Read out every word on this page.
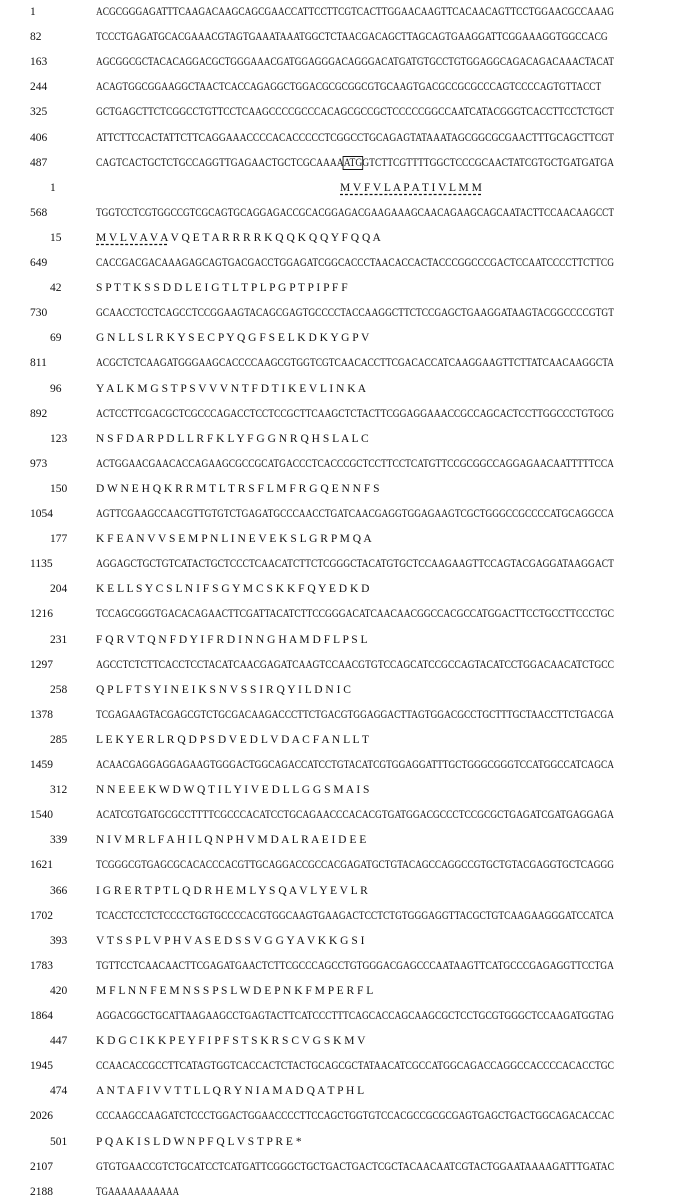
1	ACGCGGGAGATTTCAAGACAAGCAGCGAACCATTCCTTCGTCACTTGGAACAAGTTCACAACAGTTCCTGGAACGCCAAAG
82	TCCCTGAGATGCACGAAACGTAGTGAAATAAATGGCTCTAACGACAGCTTAGCAGTGAAGGATTCGGAAAGGTGGCCACG
163	AGCGGCGCTACACAGGACGCTGGGAAACGATGGAGGGACAGGGACATGATGTGCCTGTGGAGGCAGACAGACAAACTACAT
244	ACAGTGGCGGAAGGCTAACTCACCAGAGGCTGGACGCGCGGCGTGCAAGTGACGCCGCGCCCAGTCCCCAGTGTTACCT
325	GCTGAGCTTCTCGGCCTGTTCCTCAAGCCCCGCCCACAGCGCCGCTCCCCCGGCCAATCATACGGGTCACCTTCCTCTGCT
406	ATTCTTCCACTATTCTTCAGGAAACCCCACACCCCCTCGGCCTGCAGAGTATAAATAGCGGCGCGAACTTTGCAGCTTCGT
487	CAGTCACTGCTCTGCCAGGTTGAGAACTGCTCGCAAAAATGGTCTTCGTTTTGGCTCCCGCAACTATCGTGCTGATGATGA
1	M V F V L A P A T I V L M M
568	TGGTCCTCGTGGCCGTCGCAGTGCAGGAGACCGCACGGAGACGAAGAAAGCAACAGAAGCAGCAATACTTCCAACAAGCCT
15	M V L V A V A V Q E T A R R R R K Q Q K Q Q Y F Q Q A
649	CACCGACGACAAAGAGCAGTGACGACCTGGAGATCGGCACCCTAACACCACTACCCGGCCCGACTCCAATCCCCTTCTTCG
42	S P T T K S S D D L E I G T L T P L P G P T P I P F F
730	GCAACCTCCTCAGCCTCCGGAAGTACAGCGAGTGCCCCTACCAAGGCTTCTCCGAGCTGAAGGATAAGTACGGCCCCGTGT
69	G N L L S L R K Y S E C P Y Q G F S E L K D K Y G P V
811	ACGCTCTCAAGATGGGAAGCACCCCAAGCGTGGTCGTCAACACCTTCGACACCATCAAGGAAGTTCTTATCAACAAGGCTA
96	Y A L K M G S T P S V V V N T F D T I K E V L I N K A
892	ACTCCTTCGACGCTCGCCCAGACCTCCTCCGCTTCAAGCTCTACTTCGGAGGAAACCGCCAGCACTCCTTGGCCCTGTGCG
123	N S F D A R P D L L R F K L Y F G G N R Q H S L A L C
973	ACTGGAACGAACACCAGAAGCGCCGCATGACCCTCACCCGCTCCTTCCTCATGTTCCGCGGCCAGGAGAACAATTTTTCCA
150	D W N E H Q K R R M T L T R S F L M F R G Q E N N F S
1054	AGTTCGAAGCCAACGTTGTGTCTGAGATGCCCAACCTGATCAACGAGGTGGAGAAGTCGCTGGGCCGCCCCATGCAGGCCA
177	K F E A N V V S E M P N L I N E V E K S L G R P M Q A
1135	AGGAGCTGCTGTCATACTGCTCCCTCAACATCTTCTCGGGCTACATGTGCTCCAAGAAGTTCCAGTACGAGGATAAGGACT
204	K E L L S Y C S L N I F S G Y M C S K K F Q Y E D K D
1216	TCCAGCGGGTGACACAGAACTTCGATTACATCTTCCGGGACATCAACAACGGCCACGCCATGGACTTCCTGCCTTCCCTGC
231	F Q R V T Q N F D Y I F R D I N N G H A M D F L P S L
1297	AGCCTCTCTTCACCTCCTACATCAACGAGATCAAGTCCAACGTGTCCAGCATCCGCCAGTACATCCTGGACAACATCTGCC
258	Q P L F T S Y I N E I K S N V S S I R Q Y I L D N I C
1378	TCGAGAAGTACGAGCGTCTGCGACAAGACCCTTCTGACGTGGAGGACTTAGTGGACGCCTGCTTTGCTAACCTTCTGACGA
285	L E K Y E R L R Q D P S D V E D L V D A C F A N L L T
1459	ACAACGAGGAGGAGAAGTGGGACTGGCAGACCATCCTGTACATCGTGGAGGATTTGCTGGGCGGGTCCATGGCCATCAGCA
312	N N E E E K W D W Q T I L Y I V E D L L G G S M A I S
1540	ACATCGTGATGCGCCTTTTCGCCCACATCCTGCAGAACCCACACGTGATGGACGCCCTCCGCGCTGAGATCGATGAGGAGA
339	N I V M R L F A H I L Q N P H V M D A L R A E I D E E
1621	TCGGGCGTGAGCGCACACCCACGTTGCAGGACCGCCACGAGATGCTGTACAGCCAGGCCGTGCTGTACGAGGTGCTCAGGG
366	I G R E R T P T L Q D R H E M L Y S Q A V L Y E V L R
1702	TCACCTCCTCTCCCCTGGTGCCCCACGTGGCAAGTGAAGACTCCTCTGTGGGAGGTTACGCTGTCAAGAAGGGATCCATCA
393	V T S S P L V P H V A S E D S S V G G Y A V K K G S I
1783	TGTTCCTCAACAACTTCGAGATGAACTCTTCGCCCAGCCTGTGGGACGAGCCCAATAAGTTCATGCCCGAGAGGTTCCTGA
420	M F L N N F E M N S S P S L W D E P N K F M P E R F L
1864	AGGACGGCTGCATTAAGAAGCCTGAGTACTTCATCCCTTTCAGCACCAGCAAGCGCTCCTGCGTGGGCTCCAAGATGGTAG
447	K D G C I K K P E Y F I P F S T S K R S C V G S K M V
1945	CCAACACCGCCTTCATAGTGGTCACCACTCTACTGCAGCGCTATAACATCGCCATGGCAGACCAGGCCACCCCACACCTGC
474	A N T A F I V V T T L L Q R Y N I A M A D Q A T P H L
2026	CCCAAGCCAAGATCTCCCTGGACTGGAACCCCTTCCAGCTGGTGTCCACGCCGCGCGAGTGAGCTGACTGGCAGACACCAC
501	P Q A K I S L D W N P F Q L V S T P R E *
2107	GTGTGAACCGTCTGCATCCTCATGATTCGGGCTGCTGACTGACTCGCTACAACAATCGTACTGGAATAAAAGATTTGATAC
2188	TGAAAAAAAAAAA
